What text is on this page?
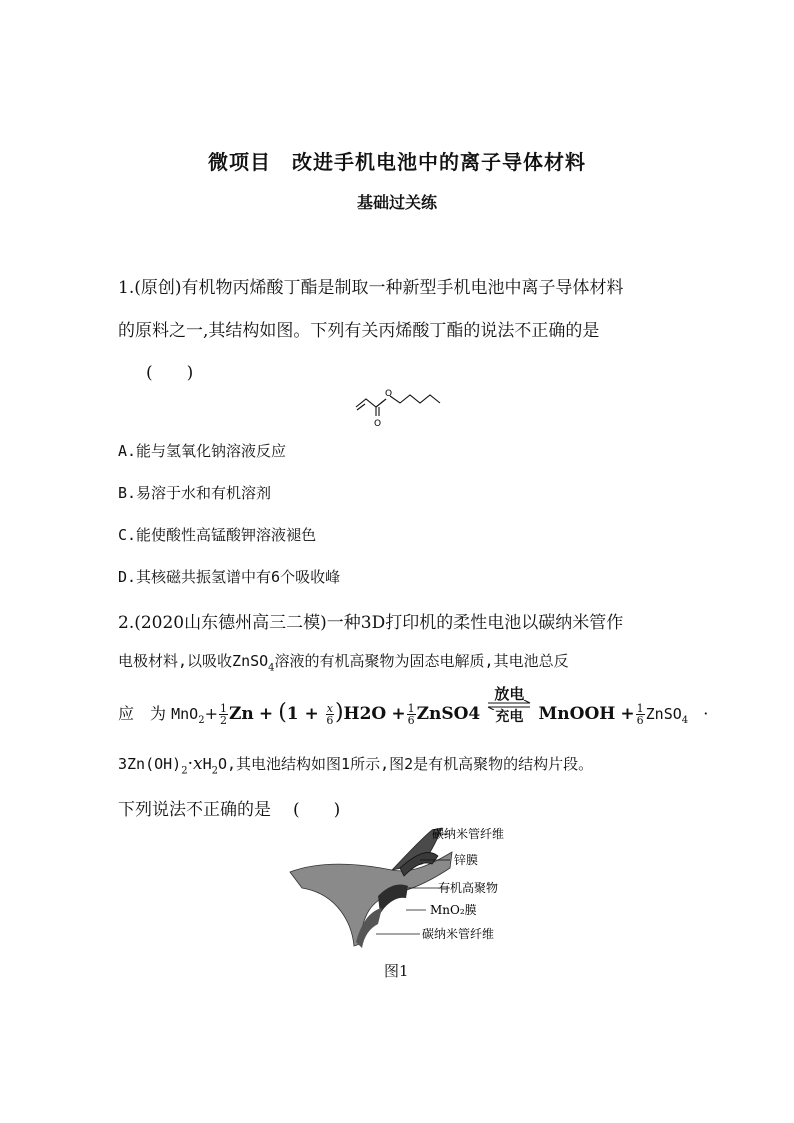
微项目　改进手机电池中的离子导体材料
基础过关练
1.(原创)有机物丙烯酸丁酯是制取一种新型手机电池中离子导体材料
的原料之一,其结构如图。下列有关丙烯酸丁酯的说法不正确的是
(　　)
O
O
A.能与氢氧化钠溶液反应
B.易溶于水和有机溶剂
C.能使酸性高锰酸钾溶液褪色
D.其核磁共振氢谱中有6个吸收峰
2.(2020山东德州高三二模)一种3D打印机的柔性电池以碳纳米管作
电极材料,以吸收ZnSO$_4$溶液的有机高聚物为固态电解质,其电池总反
应　为 $MnO_2+ \frac{1}{2}$ $Zn + (1 + \frac{x}{6} )H2O + \frac{1}{6}$ ZnSO4
放电
充电 MnOOH + $\frac{1}{6}$ ZnSO$_4$ ·
$3Zn(OH)_2\cdot xH_2O$,其电池结构如图1所示,图2是有机高聚物的结构片段。
下列说法不正确的是 (　　)
碳纳米管纤维
锌膜
有机高聚物
MnO₂膜
碳纳米管纤维
图1
